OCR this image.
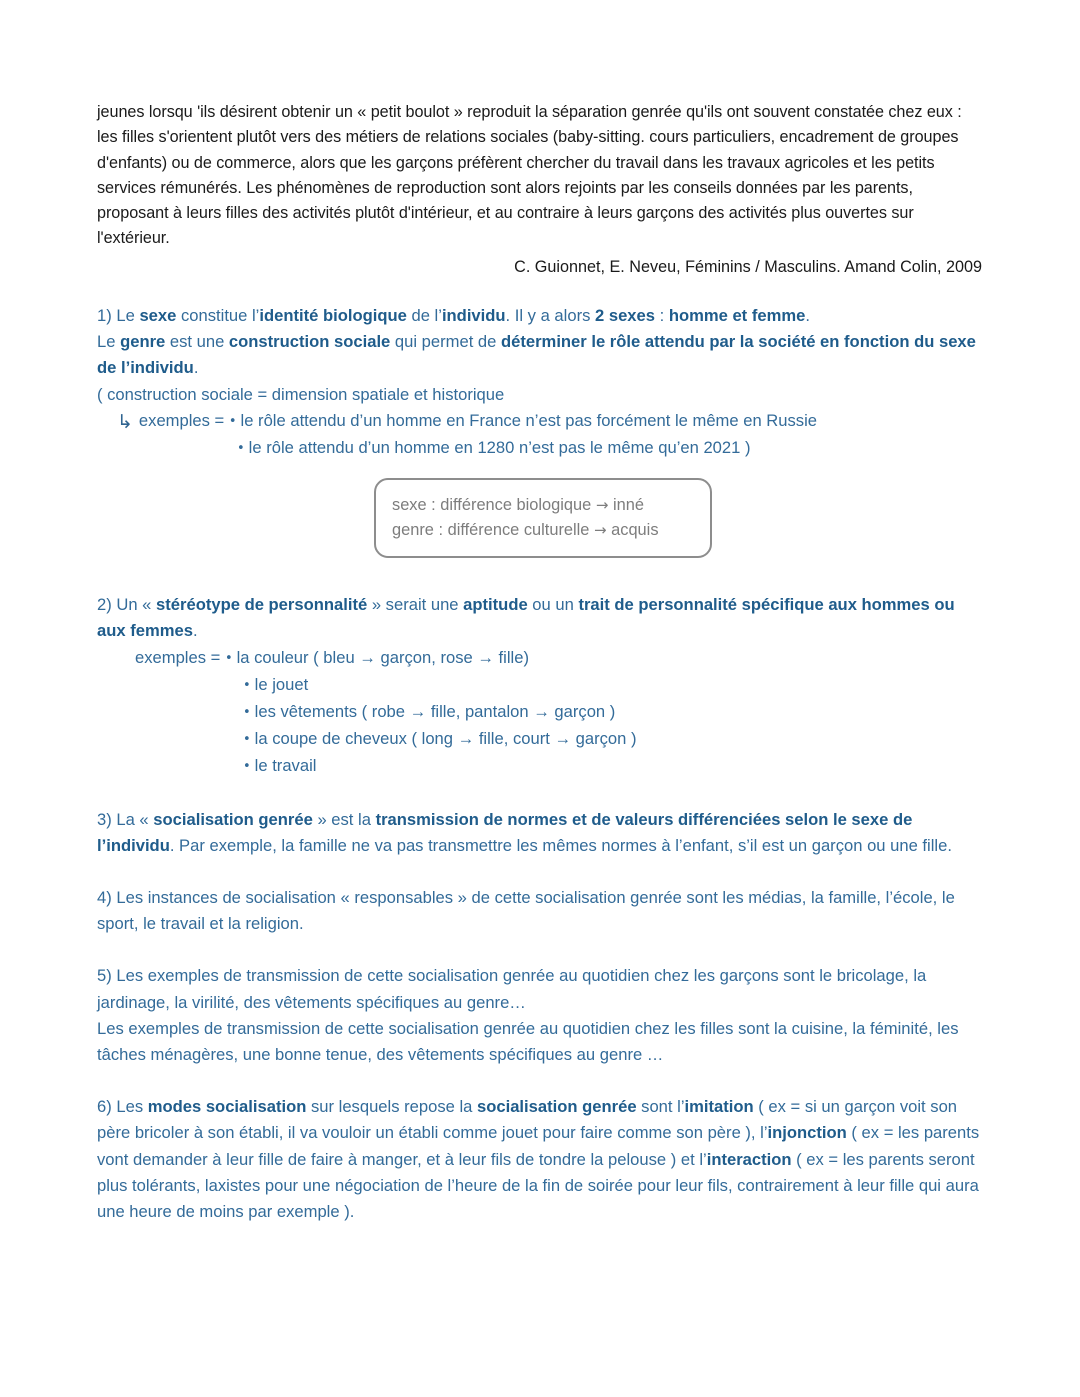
jeunes lorsqu 'ils désirent obtenir un « petit boulot » reproduit la séparation genrée qu'ils ont souvent constatée chez eux : les filles s'orientent plutôt vers des métiers de relations sociales (baby-sitting. cours particuliers, encadrement de groupes d'enfants) ou de commerce, alors que les garçons préfèrent chercher du travail dans les travaux agricoles et les petits services rémunérés. Les phénomènes de reproduction sont alors rejoints par les conseils données par les parents, proposant à leurs filles des activités plutôt d'intérieur, et au contraire à leurs garçons des activités plus ouvertes sur l'extérieur.

C. Guionnet, E. Neveu, Féminins / Masculins. Amand Colin, 2009
1) Le sexe constitue l’identité biologique de l’individu. Il y a alors 2 sexes : homme et femme.
Le genre est une construction sociale qui permet de déterminer le rôle attendu par la société en fonction du sexe de l’individu.
( construction sociale = dimension spatiale et historique
↳ exemples = • le rôle attendu d’un homme en France n’est pas forcément le même en Russie
• le rôle attendu d’un homme en 1280 n’est pas le même qu’en 2021 )
2) Un « stéréotype de personnalité » serait une aptitude ou un trait de personnalité spécifique aux hommes ou aux femmes.
exemples = • la couleur ( bleu → garçon, rose → fille)
• le jouet
• les vêtements ( robe → fille, pantalon → garçon )
• la coupe de cheveux ( long → fille, court → garçon )
• le travail
3) La « socialisation genrée » est la transmission de normes et de valeurs différenciées selon le sexe de l’individu. Par exemple, la famille ne va pas transmettre les mêmes normes à l’enfant, s’il est un garçon ou une fille.
4) Les instances de socialisation « responsables » de cette socialisation genrée sont les médias, la famille, l’école, le sport, le travail et la religion.
5) Les exemples de transmission de cette socialisation genrée au quotidien chez les garçons sont le bricolage, la jardinage, la virilité, des vêtements spécifiques au genre…
Les exemples de transmission de cette socialisation genrée au quotidien chez les filles sont la cuisine, la féminité, les tâches ménagères, une bonne tenue, des vêtements spécifiques au genre …
6) Les modes socialisation sur lesquels repose la socialisation genrée sont l’imitation ( ex = si un garçon voit son père bricoler à son établi, il va vouloir un établi comme jouet pour faire comme son père ), l’injonction ( ex = les parents vont demander à leur fille de faire à manger, et à leur fils de tondre la pelouse ) et l’interaction ( ex = les parents seront plus tolérants, laxistes pour une négociation de l’heure de la fin de soirée pour leur fils, contrairement à leur fille qui aura une heure de moins par exemple ).
sexe : différence biologique → inné
genre : différence culturelle → acquis
